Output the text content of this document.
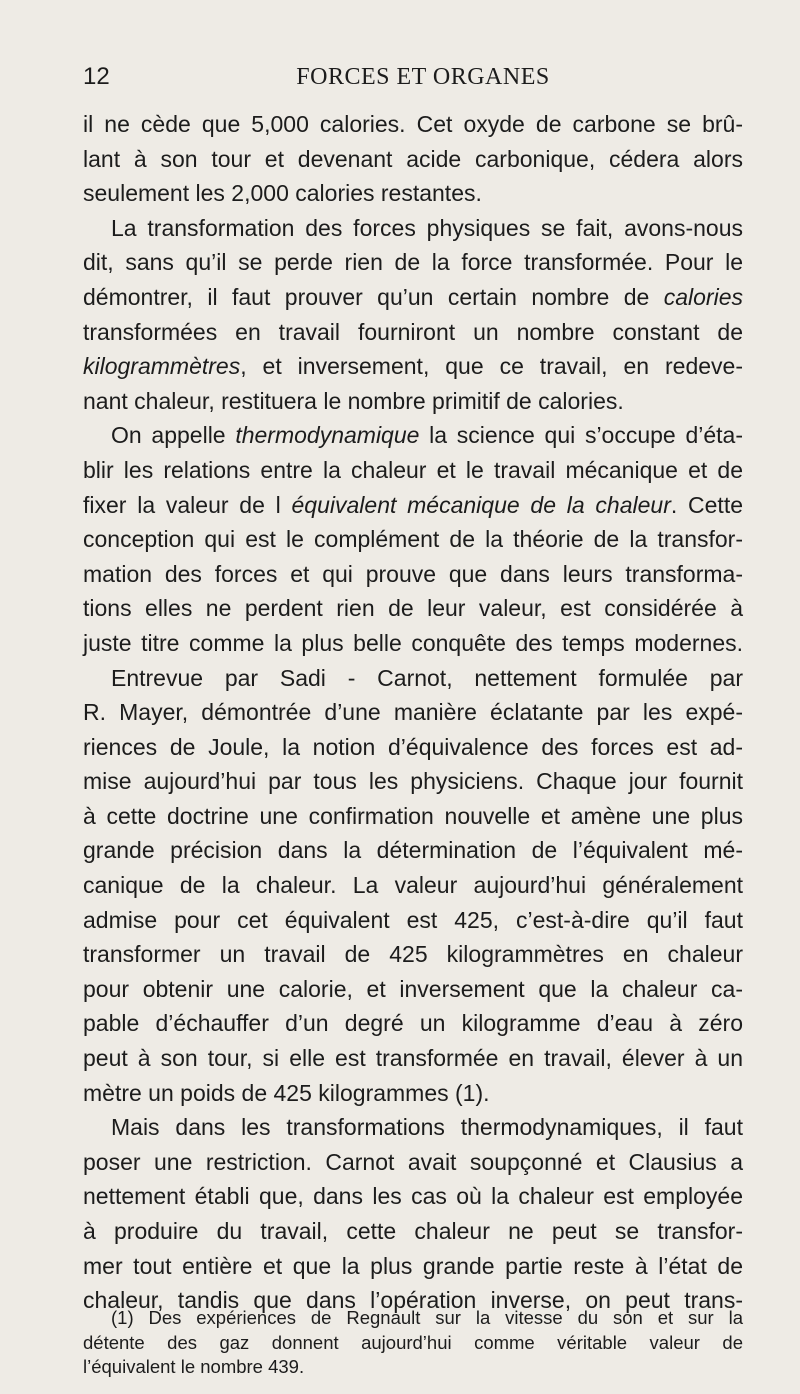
12	FORCES ET ORGANES
il ne cède que 5,000 calories. Cet oxyde de carbone se brû-
lant à son tour et devenant acide carbonique, cédera alors
seulement les 2,000 calories restantes.
La transformation des forces physiques se fait, avons-nous
dit, sans qu’il se perde rien de la force transformée. Pour le
démontrer, il faut prouver qu’un certain nombre de calories
transformées en travail fourniront un nombre constant de
kilogrammètres, et inversement, que ce travail, en redeve-
nant chaleur, restituera le nombre primitif de calories.
On appelle thermodynamique la science qui s’occupe d’éta-
blir les relations entre la chaleur et le travail mécanique et de
fixer la valeur de l équivalent mécanique de la chaleur. Cette
conception qui est le complément de la théorie de la transfor-
mation des forces et qui prouve que dans leurs transforma-
tions elles ne perdent rien de leur valeur, est considérée à
juste titre comme la plus belle conquête des temps modernes.
Entrevue par Sadi - Carnot, nettement formulée par
R. Mayer, démontrée d’une manière éclatante par les expé-
riences de Joule, la notion d’équivalence des forces est ad-
mise aujourd’hui par tous les physiciens. Chaque jour fournit
à cette doctrine une confirmation nouvelle et amène une plus
grande précision dans la détermination de l’équivalent mé-
canique de la chaleur. La valeur aujourd’hui généralement
admise pour cet équivalent est 425, c’est-à-dire qu’il faut
transformer un travail de 425 kilogrammètres en chaleur
pour obtenir une calorie, et inversement que la chaleur ca-
pable d’échauffer d’un degré un kilogramme d’eau à zéro
peut à son tour, si elle est transformée en travail, élever à un
mètre un poids de 425 kilogrammes (1).
Mais dans les transformations thermodynamiques, il faut
poser une restriction. Carnot avait soupçonné et Clausius a
nettement établi que, dans les cas où la chaleur est employée
à produire du travail, cette chaleur ne peut se transfor-
mer tout entière et que la plus grande partie reste à l’état de
chaleur, tandis que dans l’opération inverse, on peut trans-
(1) Des expériences de Regnault sur la vitesse du son et sur la
détente des gaz donnent aujourd’hui comme véritable valeur de
l’équivalent le nombre 439.
